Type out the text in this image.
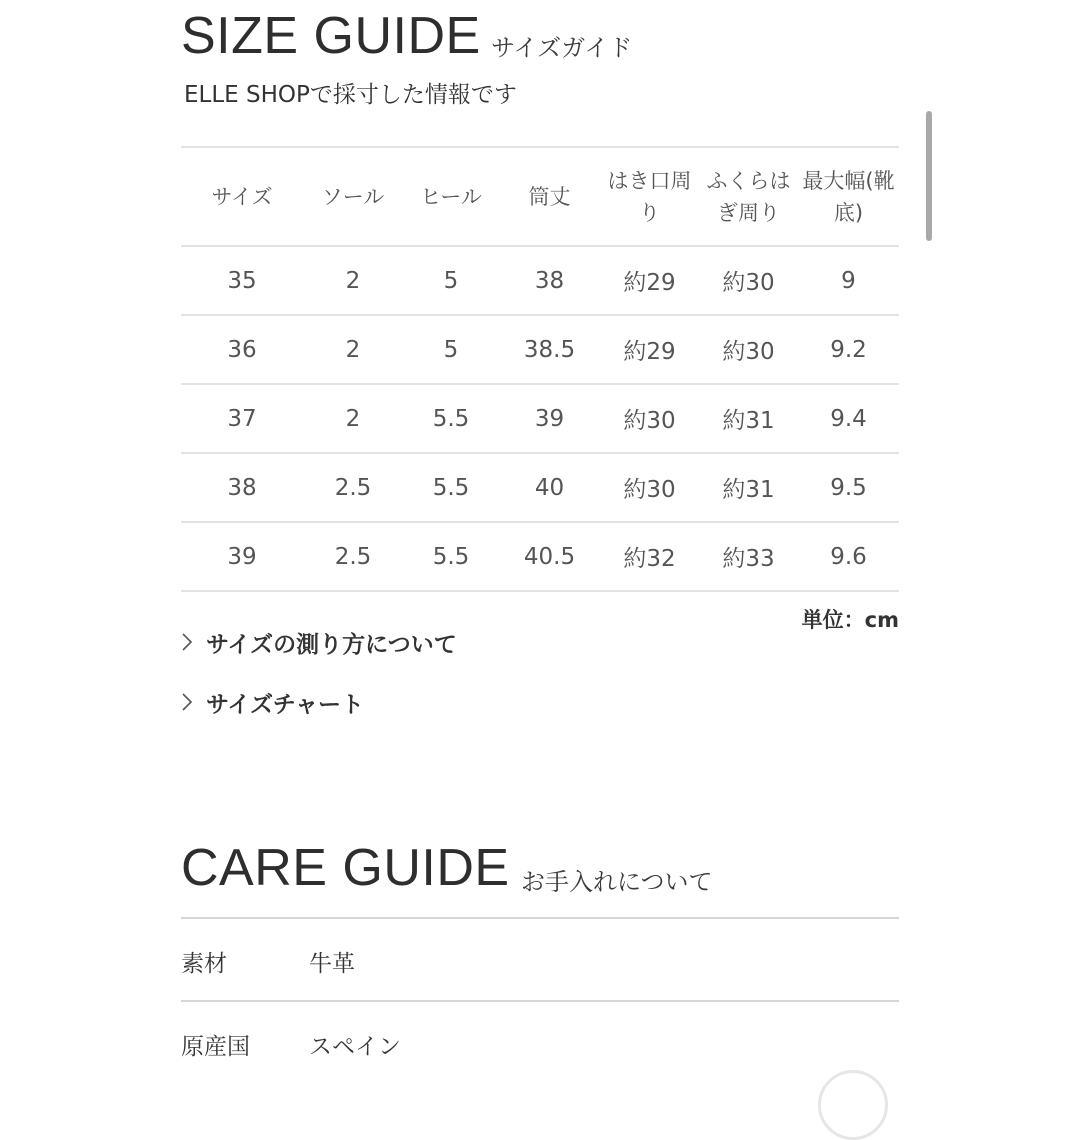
SIZE GUIDE サイズガイド
ELLE SHOPで採寸した情報です
サイズ	ソール	ヒール	筒丈	はき口周り	ふくらはぎ周り	最大幅(靴底)
35	2	5	38	約29	約30	9
36	2	5	38.5	約29	約30	9.2
37	2	5.5	39	約30	約31	9.4
38	2.5	5.5	40	約30	約31	9.5
39	2.5	5.5	40.5	約32	約33	9.6
単位：cm
サイズの測り方について
サイズチャート
CARE GUIDE お手入れについて
素材	牛革
原産国	スペイン
